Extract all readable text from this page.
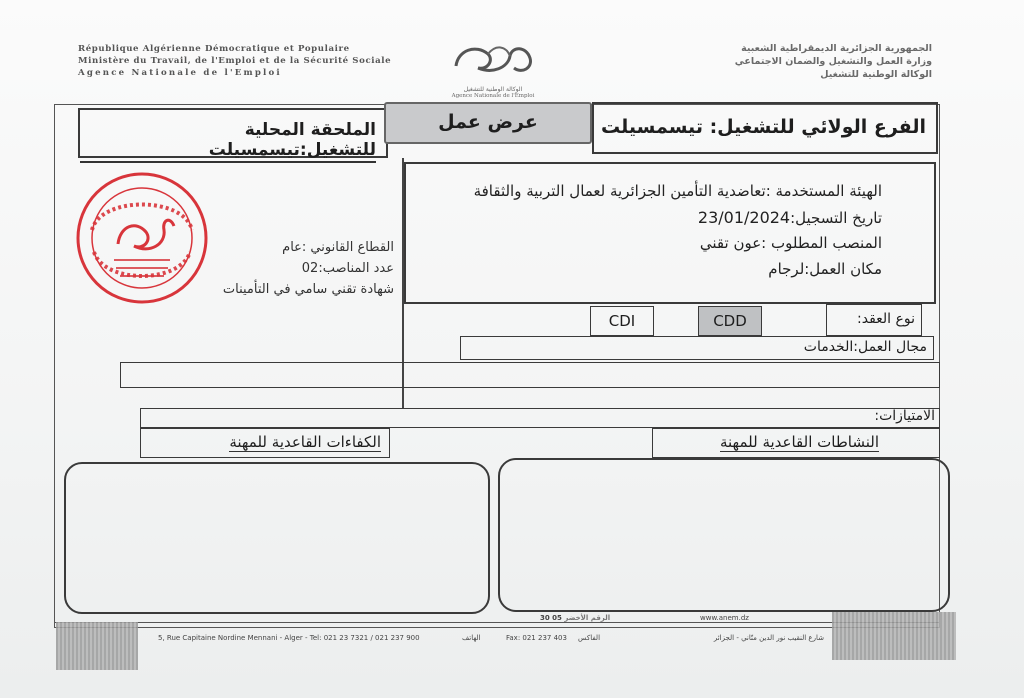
République Algérienne Démocratique et Populaire
Ministère du Travail, de l'Emploi et de la Sécurité Sociale
Agence Nationale de l'Emploi
الوكالة الوطنية للتشغيل
Agence Nationale de l'Emploi
الجمهورية الجزائرية الديمقراطية الشعبية
وزارة العمل والتشغيل والضمان الاجتماعي
الوكالة الوطنية للتشغيل
الملحقة المحلية للتشغيل:تيسمسيلت
عرض عمل	الفرع الولائي للتشغيل: تيسمسيلت
القطاع القانوني :عام
عدد المناصب:02
شهادة تقني سامي في التأمينات
الهيئة المستخدمة :تعاضدية التأمين الجزائرية لعمال التربية والثقافة
تاريخ التسجيل:23/01/2024
المنصب المطلوب :عون تقني
مكان العمل:لرجام
CDI	CDD	نوع العقد:
مجال العمل:الخدمات
الامتيازات:
الكفاءات القاعدية للمهنة	النشاطات القاعدية للمهنة
30 05 الرقم الأخضر	www.anem.dz
5, Rue Capitaine Nordine Mennani - Alger - Tel: 021 23 7321 / 021 237 900	الهاتف	Fax: 021 237 403 الفاكس	شارع النقيب نور الدين منّاني - الجزائر
